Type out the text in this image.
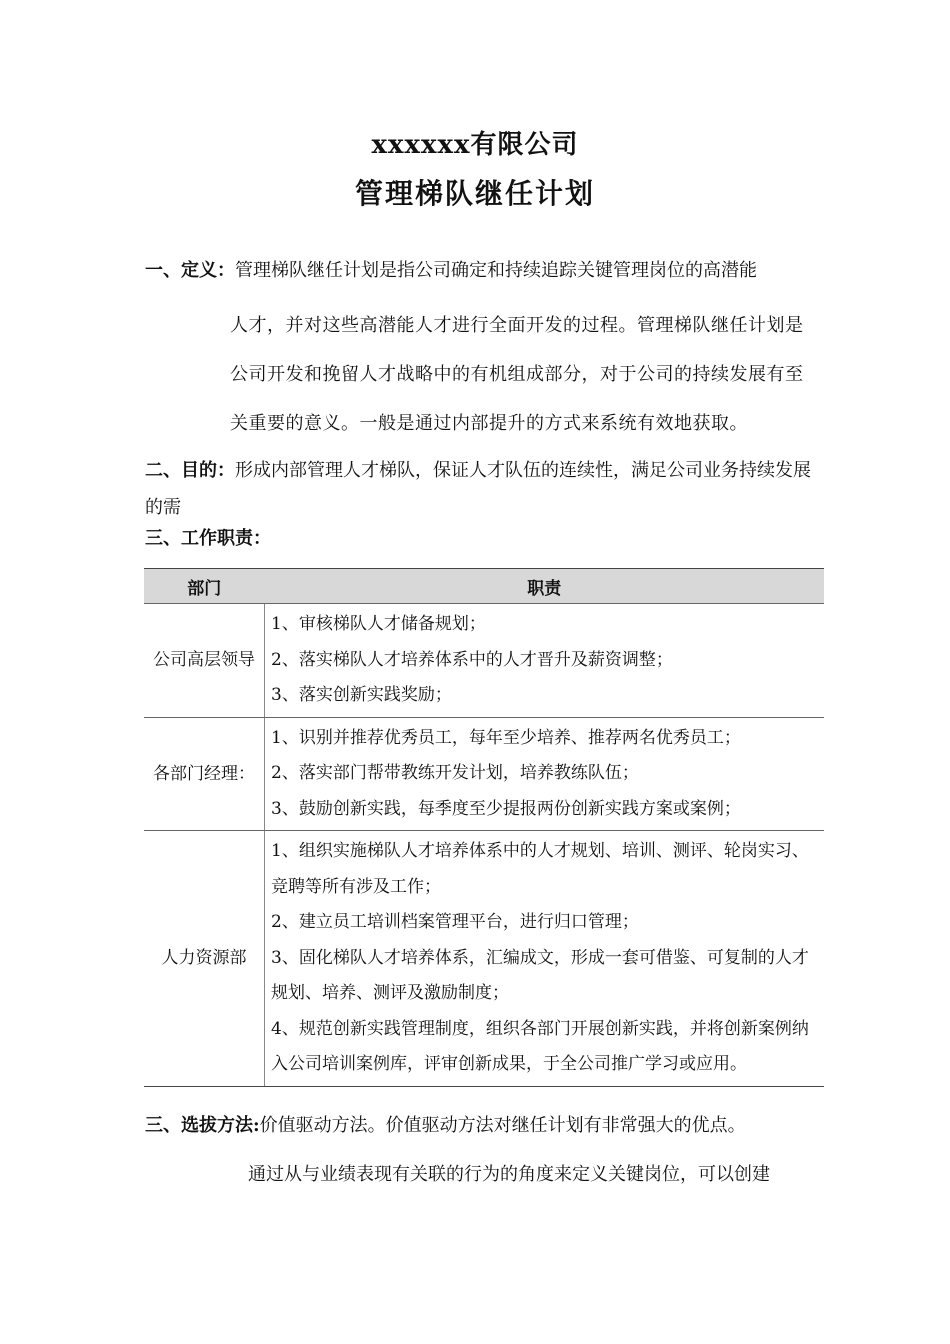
xxxxxx有限公司
管理梯队继任计划
一、定义：管理梯队继任计划是指公司确定和持续追踪关键管理岗位的高潜能
人才，并对这些高潜能人才进行全面开发的过程。管理梯队继任计划是公司开发和挽留人才战略中的有机组成部分，对于公司的持续发展有至关重要的意义。一般是通过内部提升的方式来系统有效地获取。
二、目的：形成内部管理人才梯队，保证人才队伍的连续性，满足公司业务持续发展的需
三、工作职责：
部门	职责
公司高层领导	1、审核梯队人才储备规划；
2、落实梯队人才培养体系中的人才晋升及薪资调整；
3、落实创新实践奖励；

各部门经理：	1、识别并推荐优秀员工，每年至少培养、推荐两名优秀员工；
2、落实部门帮带教练开发计划，培养教练队伍；
3、鼓励创新实践，每季度至少提报两份创新实践方案或案例；

人力资源部	1、组织实施梯队人才培养体系中的人才规划、培训、测评、轮岗实习、竞聘等所有涉及工作；
2、建立员工培训档案管理平台，进行归口管理；
3、固化梯队人才培养体系，汇编成文，形成一套可借鉴、可复制的人才规划、培养、测评及激励制度；
4、规范创新实践管理制度，组织各部门开展创新实践，并将创新案例纳入公司培训案例库，评审创新成果，于全公司推广学习或应用。
三、选拔方法:价值驱动方法。价值驱动方法对继任计划有非常强大的优点。
通过从与业绩表现有关联的行为的角度来定义关键岗位，可以创建
